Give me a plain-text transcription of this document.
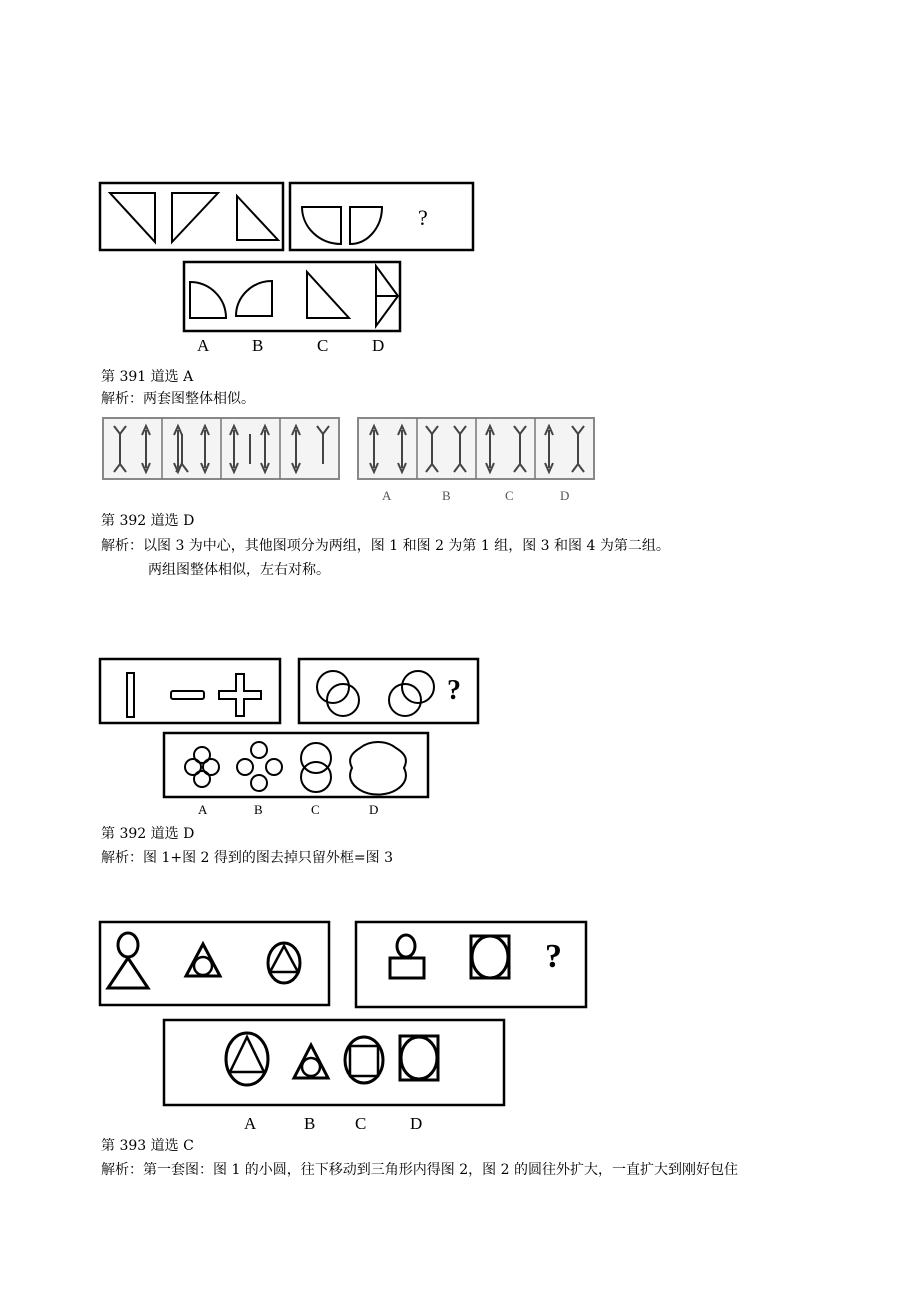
?
A	B	C	D
第 391 道选 A
解析：两套图整体相似。
A	B	C	D
第 392 道选 D
解析：以图 3 为中心，其他图项分为两组，图 1 和图 2 为第 1 组，图 3 和图 4 为第二组。
两组图整体相似，左右对称。
?
A	B	C	D
第 392 道选 D
解析：图 1+图 2 得到的图去掉只留外框=图 3
?
A	B C	D
第 393 道选 C
解析：第一套图：图 1 的小圆，往下移动到三角形内得图 2，图 2 的圆往外扩大，一直扩大到刚好包住
